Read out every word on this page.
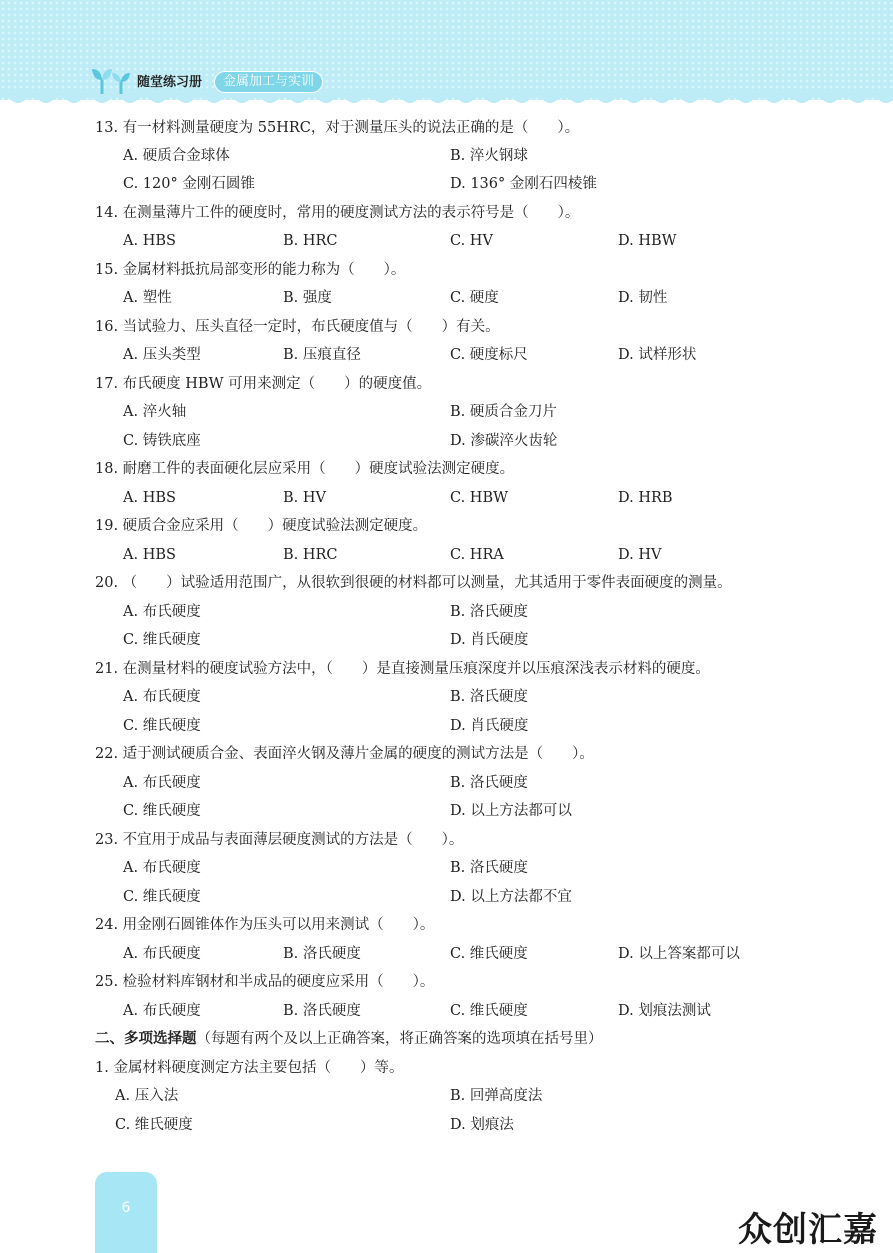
随堂练习册	金属加工与实训
13. 有一材料测量硬度为 55HRC，对于测量压头的说法正确的是（　　）。
A. 硬质合金球体	B. 淬火钢球
C. 120° 金刚石圆锥	D. 136° 金刚石四棱锥
14. 在测量薄片工件的硬度时，常用的硬度测试方法的表示符号是（　　）。
A. HBS	B. HRC	C. HV	D. HBW
15. 金属材料抵抗局部变形的能力称为（　　）。
A. 塑性	B. 强度	C. 硬度	D. 韧性
16. 当试验力、压头直径一定时，布氏硬度值与（　　）有关。
A. 压头类型	B. 压痕直径	C. 硬度标尺	D. 试样形状
17. 布氏硬度 HBW 可用来测定（　　）的硬度值。
A. 淬火轴	B. 硬质合金刀片
C. 铸铁底座	D. 渗碳淬火齿轮
18. 耐磨工件的表面硬化层应采用（　　）硬度试验法测定硬度。
A. HBS	B. HV	C. HBW	D. HRB
19. 硬质合金应采用（　　）硬度试验法测定硬度。
A. HBS	B. HRC	C. HRA	D. HV
20. （　　）试验适用范围广，从很软到很硬的材料都可以测量，尤其适用于零件表面硬度的测量。
A. 布氏硬度	B. 洛氏硬度
C. 维氏硬度	D. 肖氏硬度
21. 在测量材料的硬度试验方法中，（　　）是直接测量压痕深度并以压痕深浅表示材料的硬度。
A. 布氏硬度	B. 洛氏硬度
C. 维氏硬度	D. 肖氏硬度
22. 适于测试硬质合金、表面淬火钢及薄片金属的硬度的测试方法是（　　）。
A. 布氏硬度	B. 洛氏硬度
C. 维氏硬度	D. 以上方法都可以
23. 不宜用于成品与表面薄层硬度测试的方法是（　　）。
A. 布氏硬度	B. 洛氏硬度
C. 维氏硬度	D. 以上方法都不宜
24. 用金刚石圆锥体作为压头可以用来测试（　　）。
A. 布氏硬度	B. 洛氏硬度	C. 维氏硬度	D. 以上答案都可以
25. 检验材料库钢材和半成品的硬度应采用（　　）。
A. 布氏硬度	B. 洛氏硬度	C. 维氏硬度	D. 划痕法测试
二、多项选择题（每题有两个及以上正确答案，将正确答案的选项填在括号里）
1. 金属材料硬度测定方法主要包括（　　）等。
A. 压入法	B. 回弹高度法
C. 维氏硬度	D. 划痕法
6
众创汇嘉
